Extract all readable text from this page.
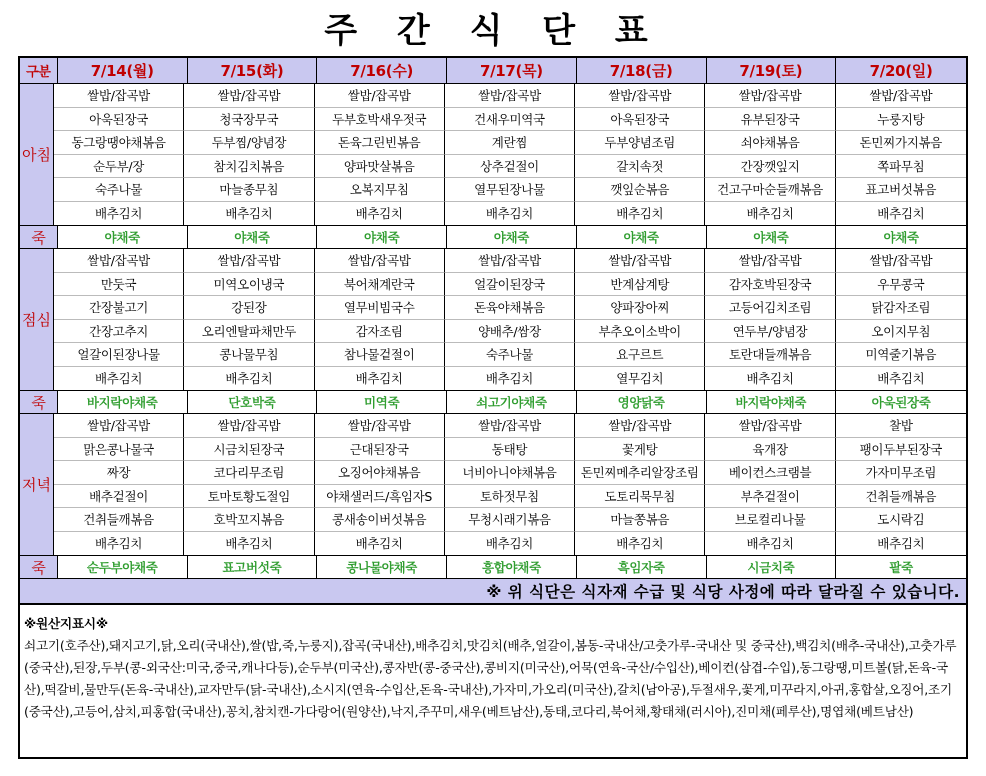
주 간 식 단 표
구분	7/14(월)	7/15(화)	7/16(수)	7/17(목)	7/18(금)	7/19(토)	7/20(일)
아침
쌀밥/잡곡밥	쌀밥/잡곡밥	쌀밥/잡곡밥	쌀밥/잡곡밥	쌀밥/잡곡밥	쌀밥/잡곡밥	쌀밥/잡곡밥
아욱된장국	청국장무국	두부호박새우젓국	건새우미역국	아욱된장국	유부된장국	누룽지탕
동그랑땡야채볶음	두부찜/양념장	돈육그린빈볶음	계란찜	두부양념조림	쇠야채볶음	돈민찌가지볶음
순두부/장	참치김치볶음	양파맛살볶음	상추겉절이	갈치속젓	간장깻잎지	쪽파무침
숙주나물	마늘종무침	오복지무침	열무된장나물	깻잎순볶음	건고구마순들깨볶음	표고버섯볶음
배추김치	배추김치	배추김치	배추김치	배추김치	배추김치	배추김치
죽	야채죽	야채죽	야채죽	야채죽	야채죽	야채죽	야채죽
점심
쌀밥/잡곡밥	쌀밥/잡곡밥	쌀밥/잡곡밥	쌀밥/잡곡밥	쌀밥/잡곡밥	쌀밥/잡곡밥	쌀밥/잡곡밥
만둣국	미역오이냉국	북어채계란국	얼갈이된장국	반계삼계탕	감자호박된장국	우무콩국
간장불고기	강된장	열무비빔국수	돈육야채볶음	양파장아찌	고등어김치조림	닭감자조림
간장고추지	오리엔탈파채만두	감자조림	양배추/쌈장	부추오이소박이	연두부/양념장	오이지무침
얼갈이된장나물	콩나물무침	참나물겉절이	숙주나물	요구르트	토란대들깨볶음	미역줄기볶음
배추김치	배추김치	배추김치	배추김치	열무김치	배추김치	배추김치
죽	바지락야채죽	단호박죽	미역죽	쇠고기야채죽	영양닭죽	바지락야채죽	아욱된장죽
저녁
쌀밥/잡곡밥	쌀밥/잡곡밥	쌀밥/잡곡밥	쌀밥/잡곡밥	쌀밥/잡곡밥	쌀밥/잡곡밥	찰밥
맑은콩나물국	시금치된장국	근대된장국	동태탕	꽃게탕	육개장	팽이두부된장국
짜장	코다리무조림	오징어야채볶음	너비아니야채볶음	돈민찌메추리알장조림	베이컨스크램블	가자미무조림
배추겉절이	토마토황도절임	야채샐러드/흑임자S	토하젓무침	도토리묵무침	부추겉절이	건취들깨볶음
건취들깨볶음	호박꼬지볶음	콩새송이버섯볶음	무청시래기볶음	마늘쫑볶음	브로컬리나물	도시락김
배추김치	배추김치	배추김치	배추김치	배추김치	배추김치	배추김치
죽	순두부야채죽	표고버섯죽	콩나물야채죽	흥합야채죽	흑임자죽	시금치죽	팥죽
※ 위 식단은 식자재 수급 및 식당 사정에 따라 달라질 수 있습니다.
※원산지표시※
쇠고기(호주산),돼지고기,닭,오리(국내산),쌀(밥,죽,누룽지),잡곡(국내산),배추김치,맛김치(배추,얼갈이,봄동-국내산/고춧가루-국내산 및 중국산),백김치(배추-국내산),고춧가루(중국산),된장,두부(콩-외국산:미국,중국,캐나다등),순두부(미국산),콩자반(콩-중국산),콩비지(미국산),어묵(연육-국산/수입산),베이컨(삼겹-수입),동그랑땡,미트볼(닭,돈육-국산),떡갈비,물만두(돈육-국내산),교자만두(닭-국내산),소시지(연육-수입산,돈육-국내산),가자미,가오리(미국산),갈치(남아공),두절새우,꽃게,미꾸라지,아귀,홍합살,오징어,조기(중국산),고등어,삼치,피홍합(국내산),꽁치,참치캔-가다랑어(원양산),낙지,주꾸미,새우(베트남산),동태,코다리,북어채,황태채(러시아),진미채(페루산),명엽채(베트남산)
